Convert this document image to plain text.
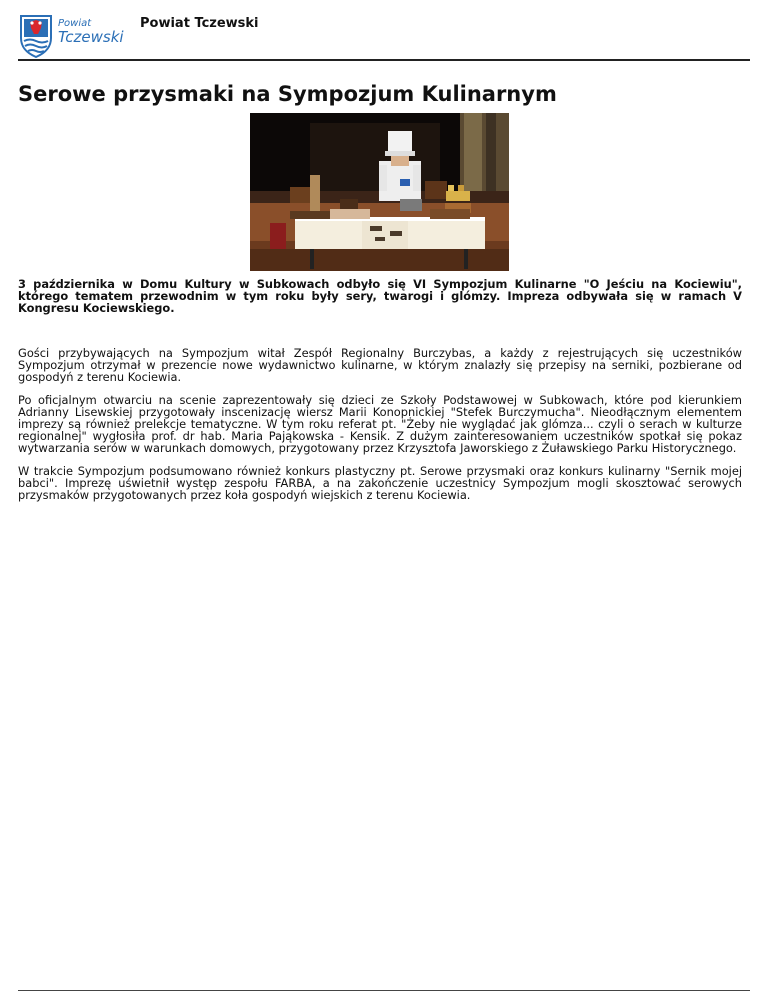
Powiat
Tczewski
Powiat Tczewski
Serowe przysmaki na Sympozjum Kulinarnym

3 października w Domu Kultury w Subkowach odbyło się VI Sympozjum Kulinarne "O Jeściu na Kociewiu", którego tematem przewodnim w tym roku były sery, twarogi i glómzy. Impreza odbywała się w ramach V Kongresu Kociewskiego.

Gości przybywających na Sympozjum witał Zespół Regionalny Burczybas, a każdy z rejestrujących się uczestników Sympozjum otrzymał w prezencie nowe wydawnictwo kulinarne, w którym znalazły się przepisy na serniki, pozbierane od gospodyń z terenu Kociewia.

Po oficjalnym otwarciu na scenie zaprezentowały się dzieci ze Szkoły Podstawowej w Subkowach, które pod kierunkiem Adrianny Lisewskiej przygotowały inscenizację wiersz Marii Konopnickiej "Stefek Burczymucha". Nieodłącznym elementem imprezy są również prelekcje tematyczne. W tym roku referat pt. "Żeby nie wyglądać jak glómza... czyli o serach w kulturze regionalnej" wygłosiła prof. dr hab. Maria Pająkowska - Kensik. Z dużym zainteresowaniem uczestników spotkał się pokaz wytwarzania serów w warunkach domowych, przygotowany przez Krzysztofa Jaworskiego z Żuławskiego Parku Historycznego.

W trakcie Sympozjum podsumowano również konkurs plastyczny pt. Serowe przysmaki oraz konkurs kulinarny "Sernik mojej babci". Imprezę uświetnił występ zespołu FARBA, a na zakończenie uczestnicy Sympozjum mogli skosztować serowych przysmaków przygotowanych przez koła gospodyń wiejskich z terenu Kociewia.
